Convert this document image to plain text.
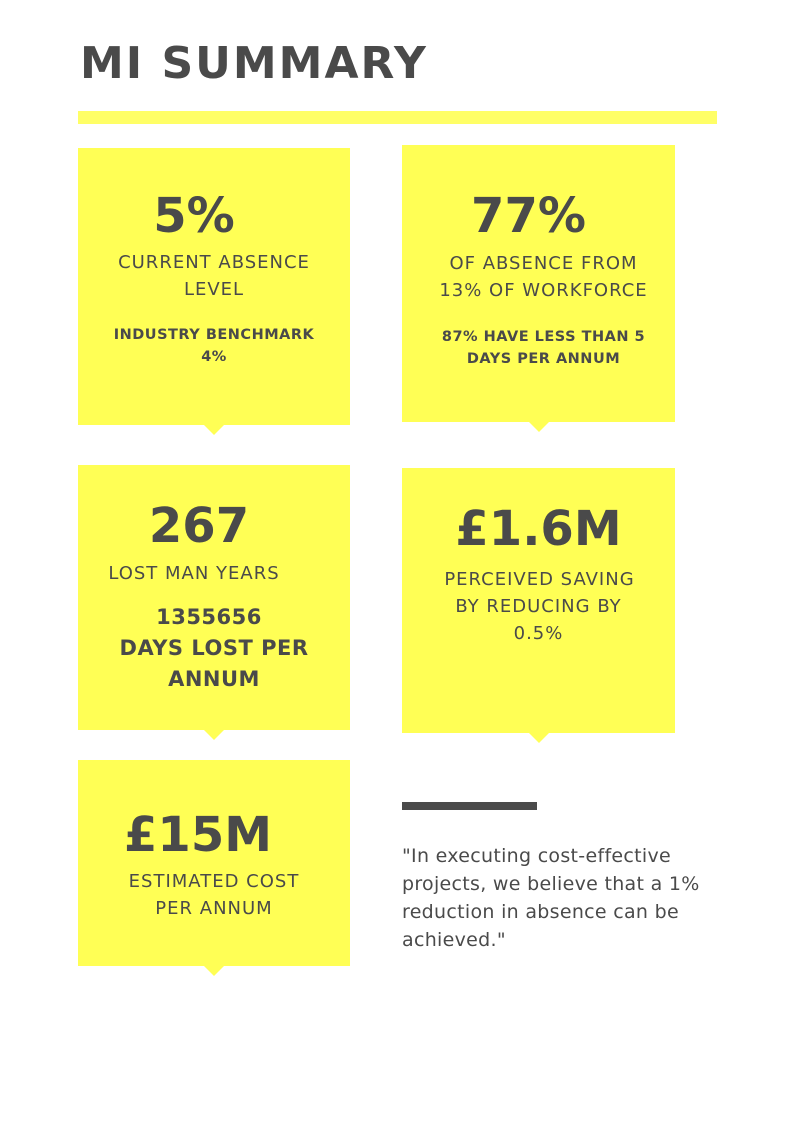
MI SUMMARY
5%
CURRENT ABSENCE
LEVEL
INDUSTRY BENCHMARK
4%
77%
OF ABSENCE FROM
13% OF WORKFORCE
87% HAVE LESS THAN 5
DAYS PER ANNUM
267
LOST MAN YEARS
1355656
DAYS LOST PER
ANNUM
£1.6M
PERCEIVED SAVING
BY REDUCING BY
0.5%
£15M
ESTIMATED COST
PER ANNUM
"In executing cost-effective projects, we believe that a 1% reduction in absence can be achieved."
